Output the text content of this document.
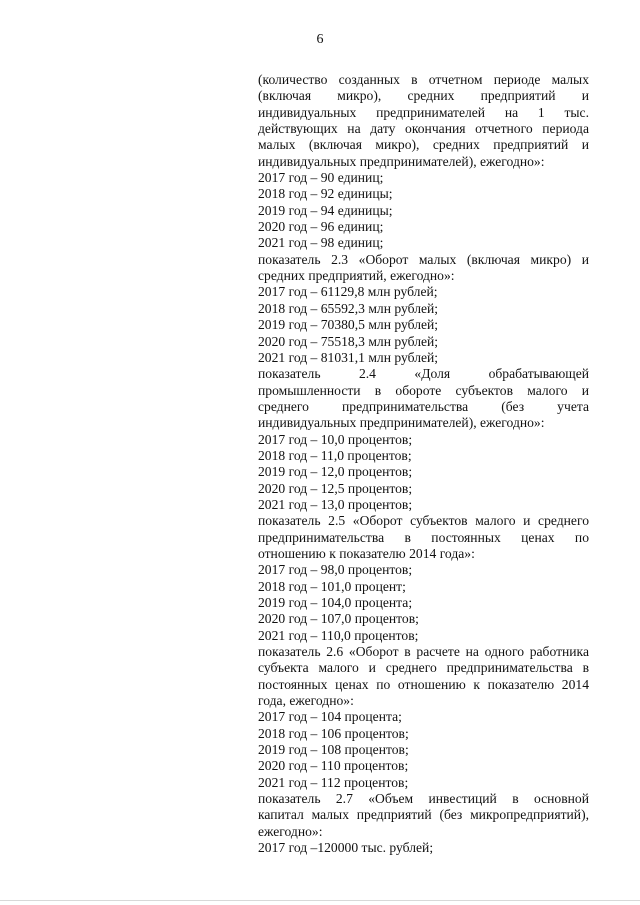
6
(количество созданных в отчетном периоде малых
(включая микро), средних предприятий и
индивидуальных предпринимателей на 1 тыс.
действующих на дату окончания отчетного периода
малых (включая микро), средних предприятий и
индивидуальных предпринимателей), ежегодно»:
2017 год – 90 единиц;
2018 год – 92 единицы;
2019 год – 94 единицы;
2020 год – 96 единиц;
2021 год – 98 единиц;
показатель 2.3 «Оборот малых (включая микро) и
средних предприятий, ежегодно»:
2017 год – 61129,8 млн рублей;
2018 год – 65592,3 млн рублей;
2019 год – 70380,5 млн рублей;
2020 год – 75518,3 млн рублей;
2021 год – 81031,1 млн рублей;
показатель 2.4 «Доля обрабатывающей
промышленности в обороте субъектов малого и
среднего предпринимательства (без учета
индивидуальных предпринимателей), ежегодно»:
2017 год – 10,0 процентов;
2018 год – 11,0 процентов;
2019 год – 12,0 процентов;
2020 год – 12,5 процентов;
2021 год – 13,0 процентов;
показатель 2.5 «Оборот субъектов малого и среднего
предпринимательства в постоянных ценах по
отношению к показателю 2014 года»:
2017 год – 98,0 процентов;
2018 год – 101,0 процент;
2019 год – 104,0 процента;
2020 год – 107,0 процентов;
2021 год – 110,0 процентов;
показатель 2.6 «Оборот в расчете на одного работника
субъекта малого и среднего предпринимательства в
постоянных ценах по отношению к показателю 2014
года, ежегодно»:
2017 год – 104 процента;
2018 год – 106 процентов;
2019 год – 108 процентов;
2020 год – 110 процентов;
2021 год – 112 процентов;
показатель 2.7 «Объем инвестиций в основной
капитал малых предприятий (без микропредприятий),
ежегодно»:
2017 год –120000 тыс. рублей;
